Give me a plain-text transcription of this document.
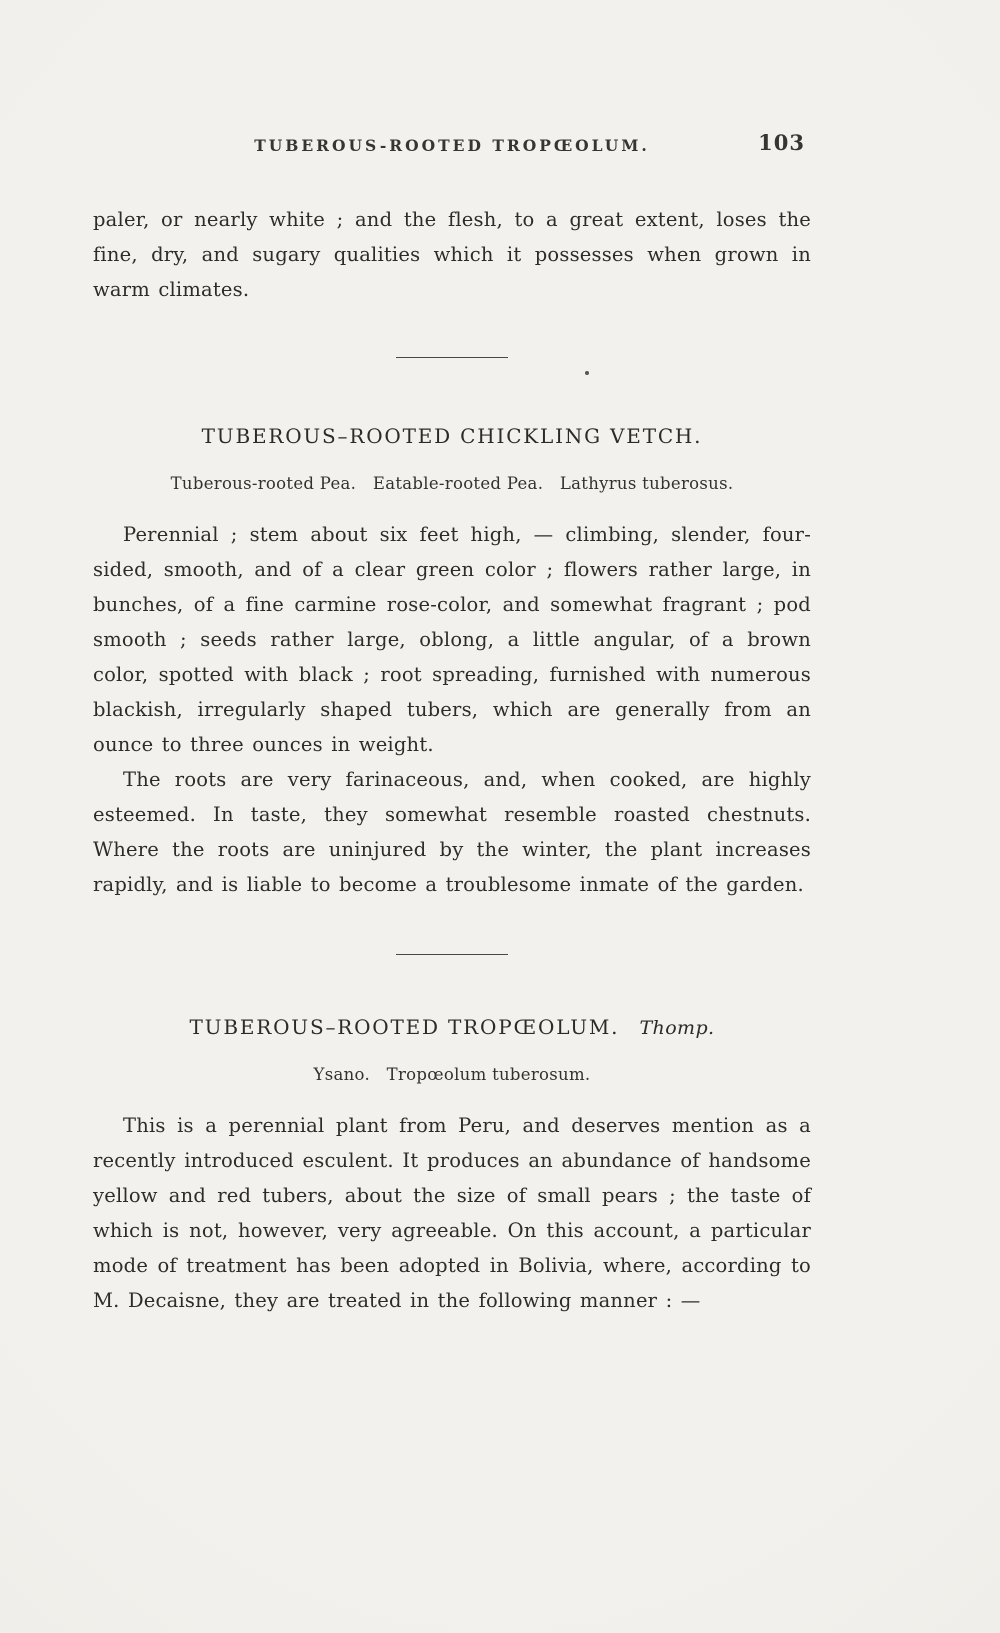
TUBEROUS-ROOTED TROPŒOLUM.	103

paler, or nearly white ; and the flesh, to a great extent, loses the fine, dry, and sugary qualities which it possesses when grown in warm climates.

TUBEROUS–ROOTED CHICKLING VETCH.

Tuberous-rooted Pea.   Eatable-rooted Pea.   Lathyrus tuberosus.

Perennial ; stem about six feet high, — climbing, slender, four-sided, smooth, and of a clear green color ; flowers rather large, in bunches, of a fine carmine rose-color, and somewhat fragrant ; pod smooth ; seeds rather large, oblong, a little angular, of a brown color, spotted with black ; root spreading, furnished with numerous blackish, irregularly shaped tubers, which are generally from an ounce to three ounces in weight.

The roots are very farinaceous, and, when cooked, are highly esteemed. In taste, they somewhat resemble roasted chestnuts. Where the roots are uninjured by the winter, the plant increases rapidly, and is liable to become a troublesome inmate of the garden.

TUBEROUS–ROOTED TROPŒOLUM. Thomp.

Ysano.   Tropœolum tuberosum.

This is a perennial plant from Peru, and deserves mention as a recently introduced esculent. It produces an abundance of handsome yellow and red tubers, about the size of small pears ; the taste of which is not, however, very agreeable. On this account, a particular mode of treatment has been adopted in Bolivia, where, according to M. Decaisne, they are treated in the following manner : —
